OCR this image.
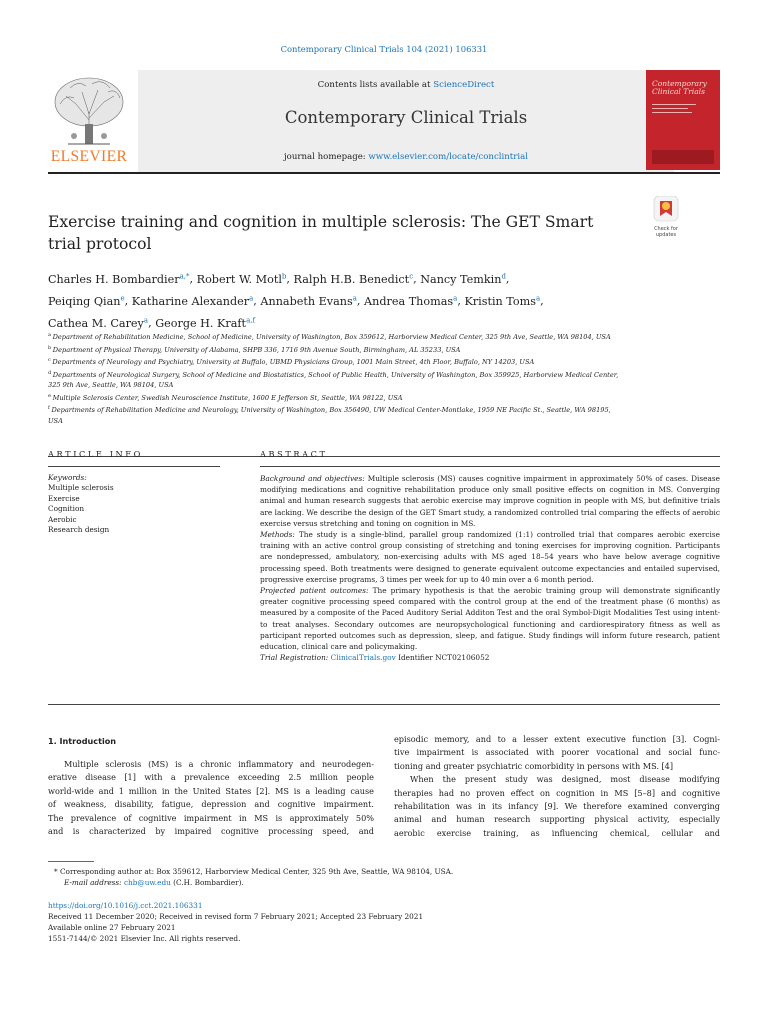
Contemporary Clinical Trials 104 (2021) 106331
ELSEVIER
Contents lists available at ScienceDirect
Contemporary Clinical Trials
journal homepage: www.elsevier.com/locate/conclintrial
Contemporary
Clinical Trials
Exercise training and cognition in multiple sclerosis: The GET Smart
trial protocol
Check for
updates
Charles H. Bombardier$^{a,*}$, Robert W. Motl$^b$, Ralph H.B. Benedict$^c$, Nancy Temkin$^d$,
Peiqing Qian$^e$, Katharine Alexander$^a$, Annabeth Evans$^a$, Andrea Thomas$^a$, Kristin Toms$^a$,
Cathea M. Carey$^a$, George H. Kraft$^{a,f}$
$^a$ Department of Rehabilitation Medicine, School of Medicine, University of Washington, Box 359612, Harborview Medical Center, 325 9th Ave, Seattle, WA 98104, USA
$^b$ Department of Physical Therapy, University of Alabama, SHPB 336, 1716 9th Avenue South, Birmingham, AL 35233, USA
$^c$ Departments of Neurology and Psychiatry, University at Buffalo, UBMD Physicians Group, 1001 Main Street, 4th Floor, Buffalo, NY 14203, USA
$^d$ Departments of Neurological Surgery, School of Medicine and Biostatistics, School of Public Health, University of Washington, Box 359925, Harborview Medical Center,
325 9th Ave, Seattle, WA 98104, USA
$^e$ Multiple Sclerosis Center, Swedish Neuroscience Institute, 1600 E Jefferson St, Seattle, WA 98122, USA
$^f$ Departments of Rehabilitation Medicine and Neurology, University of Washington, Box 356490, UW Medical Center-Montlake, 1959 NE Pacific St., Seattle, WA 98195,
USA
ARTICLE INFO	ABSTRACT
Keywords:
Multiple sclerosis
Exercise
Cognition
Aerobic
Research design
Background and objectives: Multiple sclerosis (MS) causes cognitive impairment in approximately 50% of cases. Disease modifying medications and cognitive rehabilitation produce only small positive effects on cognition in MS. Converging animal and human research suggests that aerobic exercise may improve cognition in people with MS, but definitive trials are lacking. We describe the design of the GET Smart study, a randomized controlled trial comparing the effects of aerobic exercise versus stretching and toning on cognition in MS.
Methods: The study is a single-blind, parallel group randomized (1:1) controlled trial that compares aerobic exercise training with an active control group consisting of stretching and toning exercises for improving cognition. Participants are nondepressed, ambulatory, non-exercising adults with MS aged 18–54 years who have below average cognitive processing speed. Both treatments were designed to generate equivalent outcome expectancies and entailed supervised, progressive exercise programs, 3 times per week for up to 40 min over a 6 month period.
Projected patient outcomes: The primary hypothesis is that the aerobic training group will demonstrate significantly greater cognitive processing speed compared with the control group at the end of the treatment phase (6 months) as measured by a composite of the Paced Auditory Serial Additon Test and the oral Symbol-Digit Modalities Test using intent-to treat analyses. Secondary outcomes are neuropsychological functioning and cardiorespiratory fitness as well as participant reported outcomes such as depression, sleep, and fatigue. Study findings will inform future research, patient education, clinical care and policymaking.
Trial Registration: ClinicalTrials.gov Identifier NCT02106052
1. Introduction
Multiple sclerosis (MS) is a chronic inflammatory and neurodegen-
erative disease [1] with a prevalence exceeding 2.5 million people
world-wide and 1 million in the United States [2]. MS is a leading cause
of weakness, disability, fatigue, depression and cognitive impairment.
The prevalence of cognitive impairment in MS is approximately 50%
and is characterized by impaired cognitive processing speed, and
episodic memory, and to a lesser extent executive function [3]. Cogni-
tive impairment is associated with poorer vocational and social func-
tioning and greater psychiatric comorbidity in persons with MS. [4]
When the present study was designed, most disease modifying
therapies had no proven effect on cognition in MS [5–8] and cognitive
rehabilitation was in its infancy [9]. We therefore examined converging
animal and human research supporting physical activity, especially
aerobic exercise training, as influencing chemical, cellular and
* Corresponding author at: Box 359612, Harborview Medical Center, 325 9th Ave, Seattle, WA 98104, USA.
E-mail address: chb@uw.edu (C.H. Bombardier).
https://doi.org/10.1016/j.cct.2021.106331
Received 11 December 2020; Received in revised form 7 February 2021; Accepted 23 February 2021
Available online 27 February 2021
1551-7144/© 2021 Elsevier Inc. All rights reserved.
